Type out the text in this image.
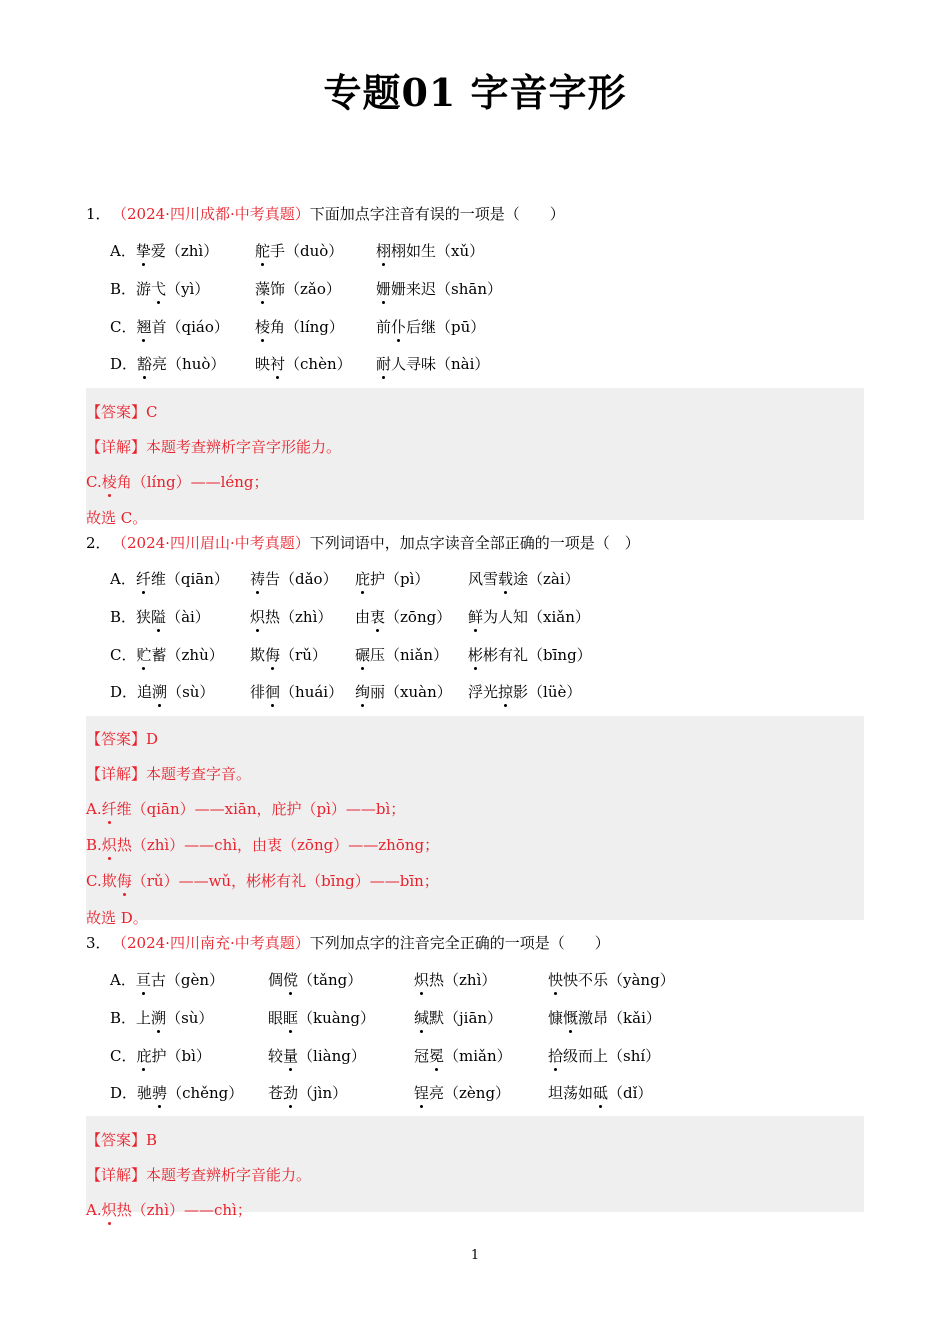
专题01 字音字形
1．（2024·四川成都·中考真题）下面加点字注音有误的一项是（　　）
A．挚爱（zhì） 舵手（duò） 栩栩如生（xǔ）
B．游弋（yì）	藻饰（zǎo） 姗姗来迟（shān）
C．翘首（qiáo） 棱角（líng） 前仆后继（pū）
D．豁亮（huò） 映衬（chèn） 耐人寻味（nài）
【答案】C
【详解】本题考查辨析字音字形能力。
C.棱角（líng）——léng；
故选 C。
2．（2024·四川眉山·中考真题）下列词语中，加点字读音全部正确的一项是（　）
A．纤维（qiān） 祷告（dǎo） 庇护（pì）	风雪载途（zài）
B．狭隘（ài）	炽热（zhì） 由衷（zōng） 鲜为人知（xiǎn）
C．贮蓄（zhù） 欺侮（rǔ） 碾压（niǎn） 彬彬有礼（bīng）
D．追溯（sù） 徘徊（huái） 绚丽（xuàn） 浮光掠影（lüè）
【答案】D
【详解】本题考查字音。
A.纤维（qiān）——xiān，庇护（pì）——bì；
B.炽热（zhì）——chì，由衷（zōng）——zhōng；
C.欺侮（rǔ）——wǔ，彬彬有礼（bīng）——bīn；
故选 D。
3．（2024·四川南充·中考真题）下列加点字的注音完全正确的一项是（　　）
A．亘古（gèn）	倜傥（tǎng）	炽热（zhì）	怏怏不乐（yàng）
B．上溯（sù）	眼眶（kuàng）	缄默（jiān）	慷慨激昂（kǎi）
C．庇护（bì）	较量（liàng）	冠冕（miǎn） 拾级而上（shí）
D．驰骋（chěng） 苍劲（jìn）	锃亮（zèng）	坦荡如砥（dǐ）
【答案】B
【详解】本题考查辨析字音能力。
A.炽热（zhì）——chì；
1
